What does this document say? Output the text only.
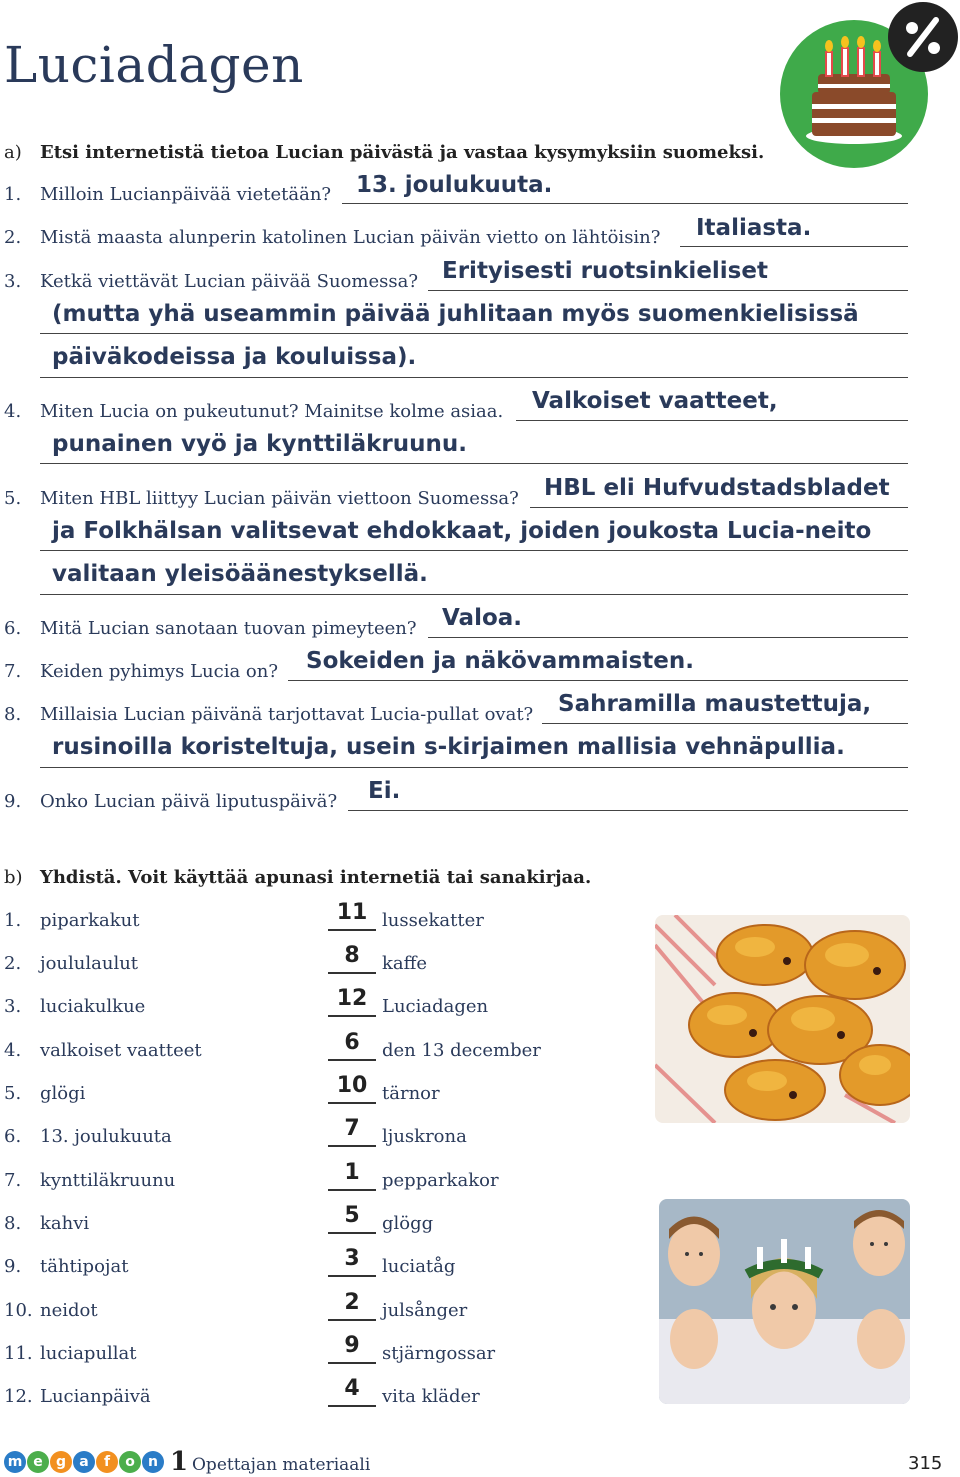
Luciadagen
a) Etsi internetistä tietoa Lucian päivästä ja vastaa kysymyksiin suomeksi.
1. Milloin Lucianpäivää vietetään? 13. joulukuuta.
2. Mistä maasta alunperin katolinen Lucian päivän vietto on lähtöisin? Italiasta.
3. Ketkä viettävät Lucian päivää Suomessa? Erityisesti ruotsinkieliset
(mutta yhä useammin päivää juhlitaan myös suomenkielisissä
päiväkodeissa ja kouluissa).
4. Miten Lucia on pukeutunut? Mainitse kolme asiaa. Valkoiset vaatteet,
punainen vyö ja kynttiläkruunu.
5. Miten HBL liittyy Lucian päivän viettoon Suomessa? HBL eli Hufvudstadsbladet
ja Folkhälsan valitsevat ehdokkaat, joiden joukosta Lucia-neito
valitaan yleisöäänestyksellä.
6. Mitä Lucian sanotaan tuovan pimeyteen? Valoa.
7. Keiden pyhimys Lucia on? Sokeiden ja näkövammaisten.
8. Millaisia Lucian päivänä tarjottavat Lucia-pullat ovat? Sahramilla maustettuja,
rusinoilla koristeltuja, usein s-kirjaimen mallisia vehnäpullia.
9. Onko Lucian päivä liputuspäivä? Ei.
b) Yhdistä. Voit käyttää apunasi internetiä tai sanakirjaa.
1. piparkakut	11 lussekatter
2. joululaulut	8	kaffe
3. luciakulkue	12 Luciadagen
4. valkoiset vaatteet	6	den 13 december
5. glögi	10 tärnor
6. 13. joulukuuta	7	ljuskrona
7. kynttiläkruunu	1	pepparkakor
8. kahvi	5	glögg
9. tähtipojat	3	luciatåg
10. neidot	2	julsånger
11. luciapullat	9	stjärngossar
12. Lucianpäivä	4	vita kläder
m e g a	f	o n 1 Opettajan materiaali	315
